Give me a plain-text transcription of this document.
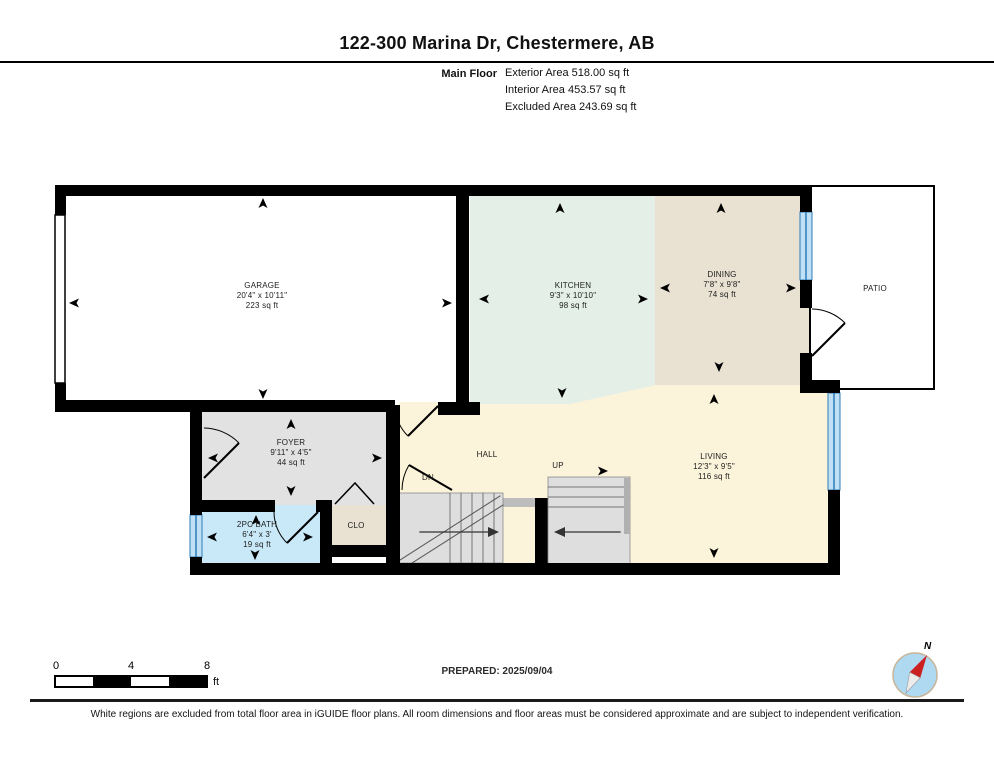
122-300 Marina Dr, Chestermere, AB
Main Floor Exterior Area 518.00 sq ft
Interior Area 453.57 sq ft
Excluded Area 243.69 sq ft
GARAGE
20'4" x 10'11"
223 sq ft
KITCHEN
9'3" x 10'10"
98 sq ft
DINING
7'8" x 9'8"
74 sq ft
LIVING
12'3" x 9'5"
116 sq ft
FOYER
9'11" x 4'5"
44 sq ft
2PC BATH
6'4" x 3'
19 sq ft
PATIO
HALL
UP
DN
CLO
0	4	8
ft
PREPARED: 2025/09/04
N
White regions are excluded from total floor area in iGUIDE floor plans. All room dimensions and floor areas must be considered approximate and are subject to independent verification.
